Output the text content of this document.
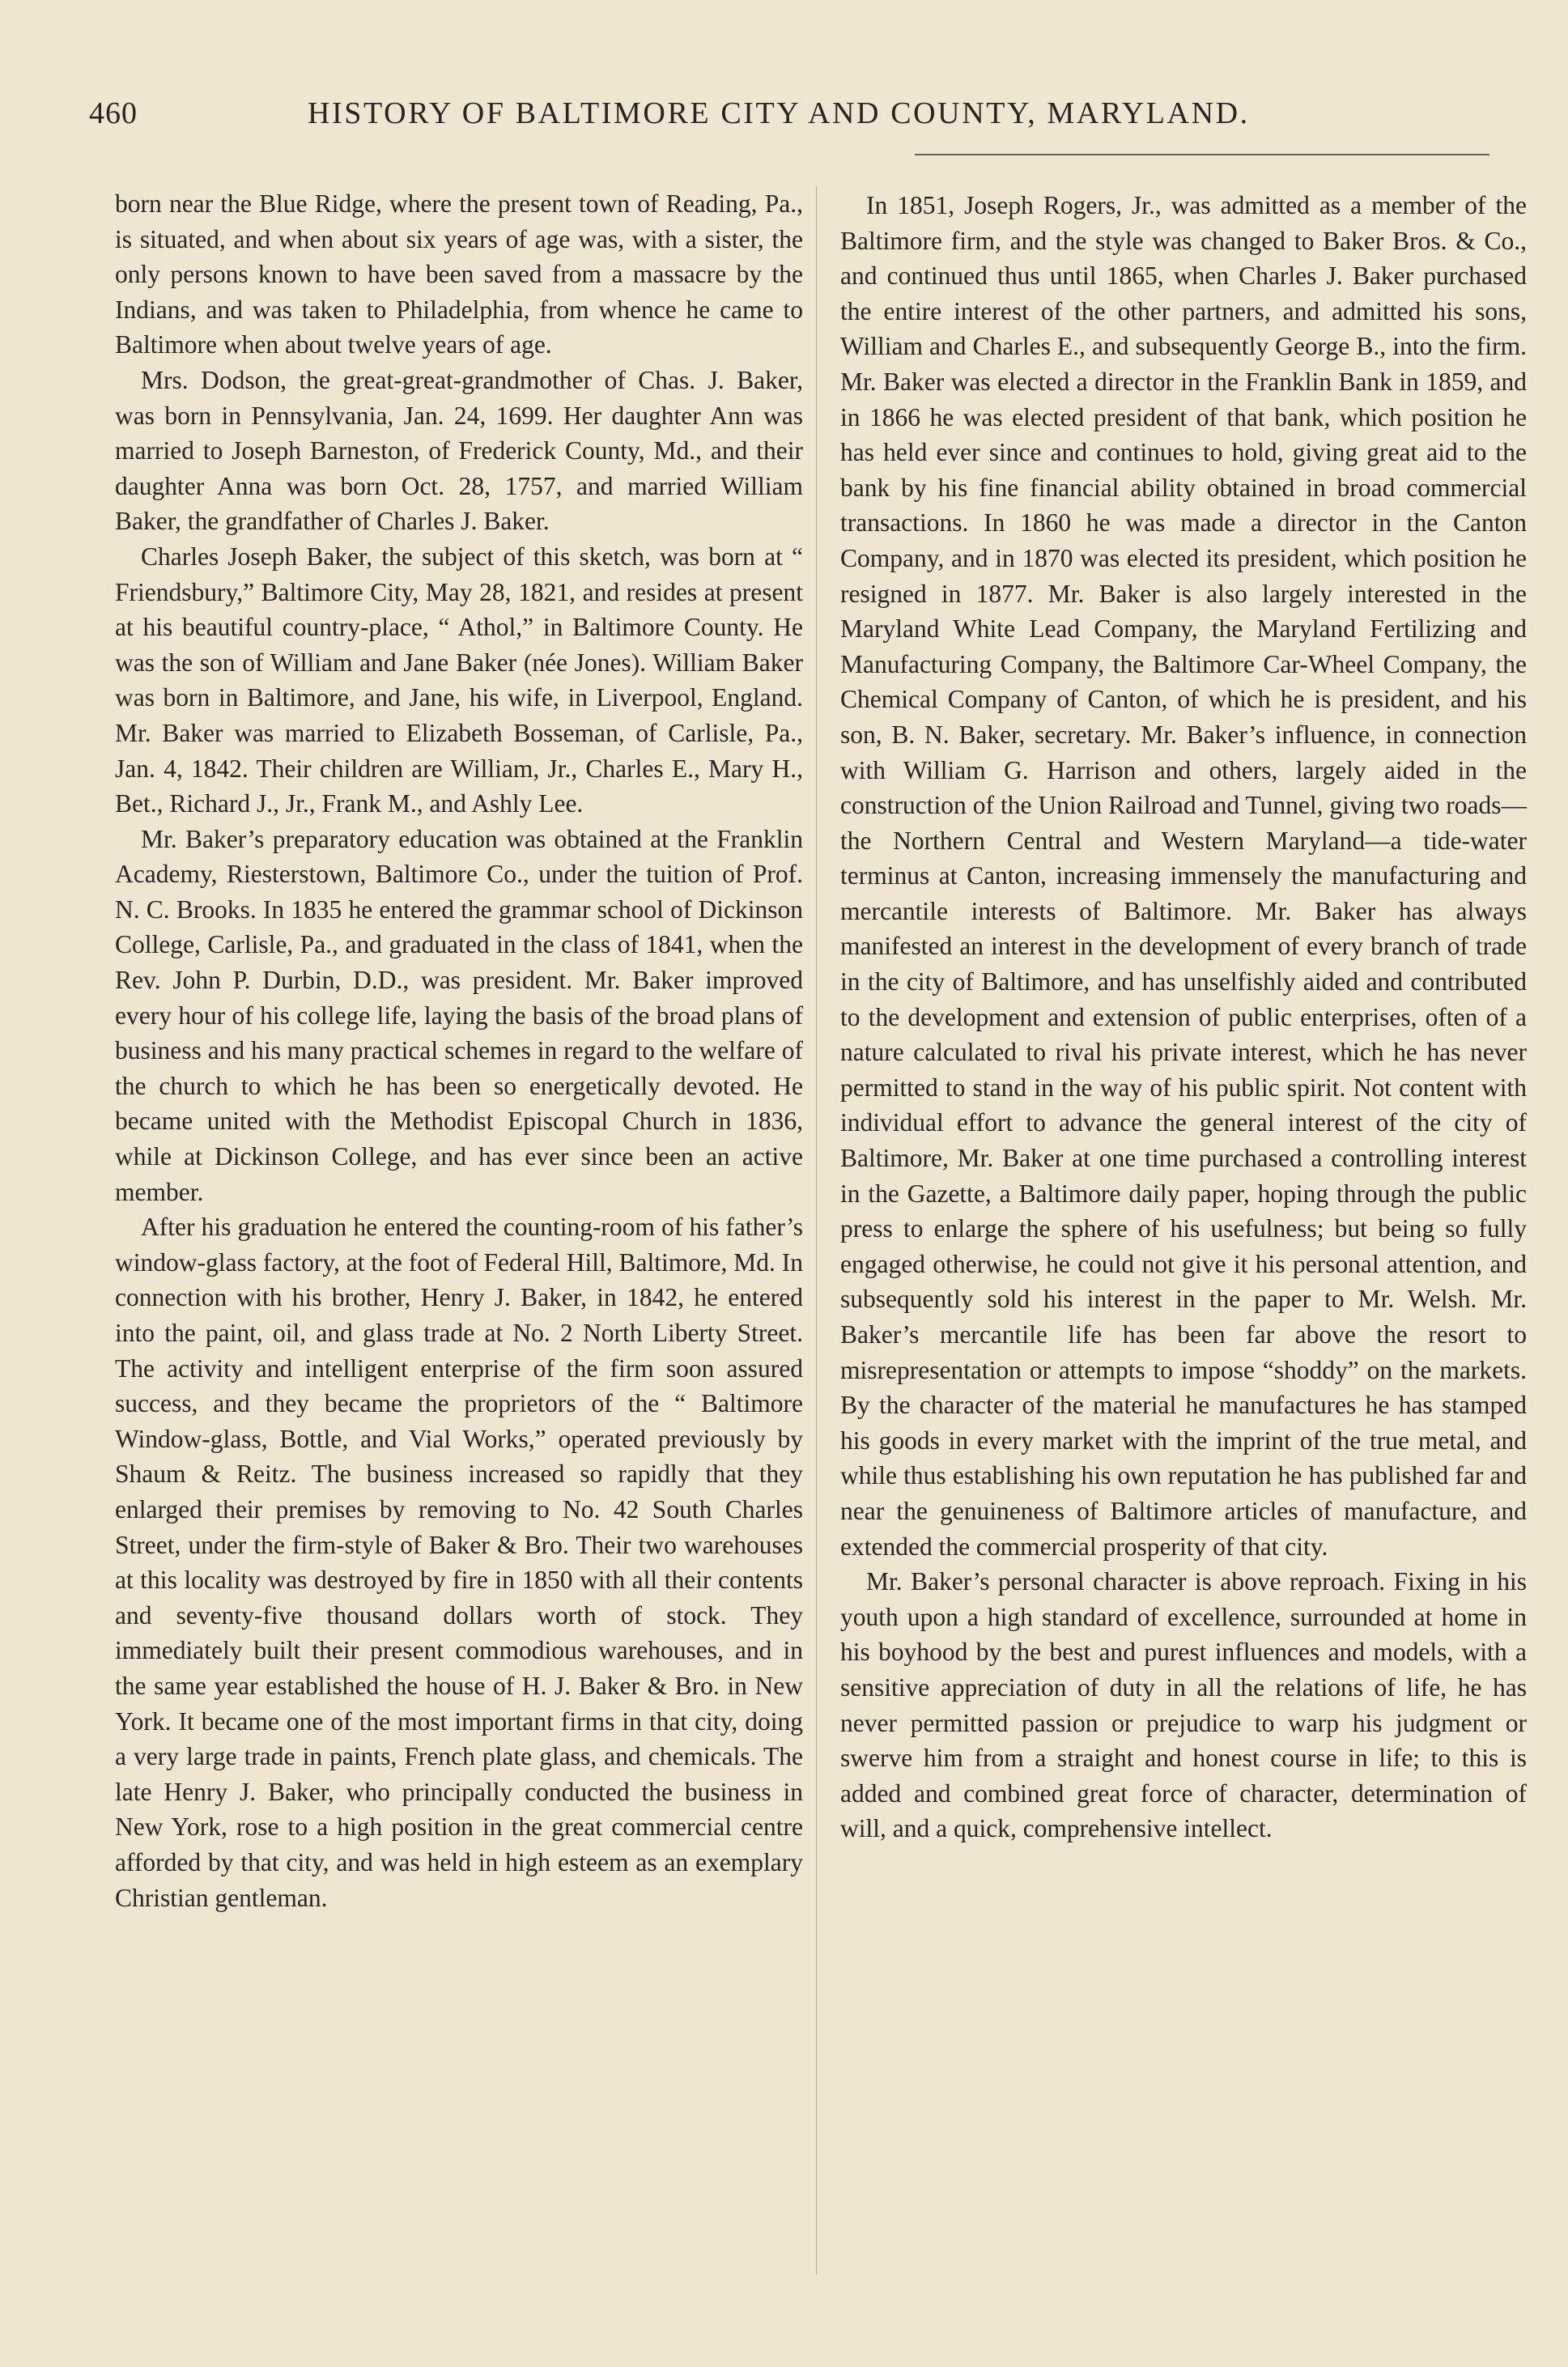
460	HISTORY OF BALTIMORE CITY AND COUNTY, MARYLAND.

born near the Blue Ridge, where the present town of Reading, Pa., is situated, and when about six years of age was, with a sister, the only persons known to have been saved from a massacre by the Indians, and was taken to Philadelphia, from whence he came to Baltimore when about twelve years of age.

Mrs. Dodson, the great-great-grandmother of Chas. J. Baker, was born in Pennsylvania, Jan. 24, 1699. Her daughter Ann was married to Joseph Barneston, of Frederick County, Md., and their daughter Anna was born Oct. 28, 1757, and married William Baker, the grandfather of Charles J. Baker.

Charles Joseph Baker, the subject of this sketch, was born at “ Friendsbury,” Baltimore City, May 28, 1821, and resides at present at his beautiful country-place, “ Athol,” in Baltimore County. He was the son of William and Jane Baker (née Jones). William Baker was born in Baltimore, and Jane, his wife, in Liverpool, England. Mr. Baker was married to Elizabeth Bosseman, of Carlisle, Pa., Jan. 4, 1842. Their children are William, Jr., Charles E., Mary H., Bet., Richard J., Jr., Frank M., and Ashly Lee.

Mr. Baker’s preparatory education was obtained at the Franklin Academy, Riesterstown, Baltimore Co., under the tuition of Prof. N. C. Brooks. In 1835 he entered the grammar school of Dickinson College, Carlisle, Pa., and graduated in the class of 1841, when the Rev. John P. Durbin, D.D., was president. Mr. Baker improved every hour of his college life, laying the basis of the broad plans of business and his many practical schemes in regard to the welfare of the church to which he has been so energetically devoted. He became united with the Methodist Episcopal Church in 1836, while at Dickinson College, and has ever since been an active member.

After his graduation he entered the counting-room of his father’s window-glass factory, at the foot of Federal Hill, Baltimore, Md. In connection with his brother, Henry J. Baker, in 1842, he entered into the paint, oil, and glass trade at No. 2 North Liberty Street. The activity and intelligent enterprise of the firm soon assured success, and they became the proprietors of the “ Baltimore Window-glass, Bottle, and Vial Works,” operated previously by Shaum & Reitz. The business increased so rapidly that they enlarged their premises by removing to No. 42 South Charles Street, under the firm-style of Baker & Bro. Their two warehouses at this locality was destroyed by fire in 1850 with all their contents and seventy-five thousand dollars worth of stock. They immediately built their present commodious warehouses, and in the same year established the house of H. J. Baker & Bro. in New York. It became one of the most important firms in that city, doing a very large trade in paints, French plate glass, and chemicals. The late Henry J. Baker, who principally conducted the business in New York, rose to a high position in the great commercial centre afforded by that city, and was held in high esteem as an exemplary Christian gentleman.

In 1851, Joseph Rogers, Jr., was admitted as a member of the Baltimore firm, and the style was changed to Baker Bros. & Co., and continued thus until 1865, when Charles J. Baker purchased the entire interest of the other partners, and admitted his sons, William and Charles E., and subsequently George B., into the firm. Mr. Baker was elected a director in the Franklin Bank in 1859, and in 1866 he was elected president of that bank, which position he has held ever since and continues to hold, giving great aid to the bank by his fine financial ability obtained in broad commercial transactions. In 1860 he was made a director in the Canton Company, and in 1870 was elected its president, which position he resigned in 1877. Mr. Baker is also largely interested in the Maryland White Lead Company, the Maryland Fertilizing and Manufacturing Company, the Baltimore Car-Wheel Company, the Chemical Company of Canton, of which he is president, and his son, B. N. Baker, secretary. Mr. Baker’s influence, in connection with William G. Harrison and others, largely aided in the construction of the Union Railroad and Tunnel, giving two roads—the Northern Central and Western Maryland—a tide-water terminus at Canton, increasing immensely the manufacturing and mercantile interests of Baltimore. Mr. Baker has always manifested an interest in the development of every branch of trade in the city of Baltimore, and has unselfishly aided and contributed to the development and extension of public enterprises, often of a nature calculated to rival his private interest, which he has never permitted to stand in the way of his public spirit. Not content with individual effort to advance the general interest of the city of Baltimore, Mr. Baker at one time purchased a controlling interest in the Gazette, a Baltimore daily paper, hoping through the public press to enlarge the sphere of his usefulness; but being so fully engaged otherwise, he could not give it his personal attention, and subsequently sold his interest in the paper to Mr. Welsh. Mr. Baker’s mercantile life has been far above the resort to misrepresentation or attempts to impose “shoddy” on the markets. By the character of the material he manufactures he has stamped his goods in every market with the imprint of the true metal, and while thus establishing his own reputation he has published far and near the genuineness of Baltimore articles of manufacture, and extended the commercial prosperity of that city.

Mr. Baker’s personal character is above reproach. Fixing in his youth upon a high standard of excellence, surrounded at home in his boyhood by the best and purest influences and models, with a sensitive appreciation of duty in all the relations of life, he has never permitted passion or prejudice to warp his judgment or swerve him from a straight and honest course in life; to this is added and combined great force of character, determination of will, and a quick, comprehensive intellect.
